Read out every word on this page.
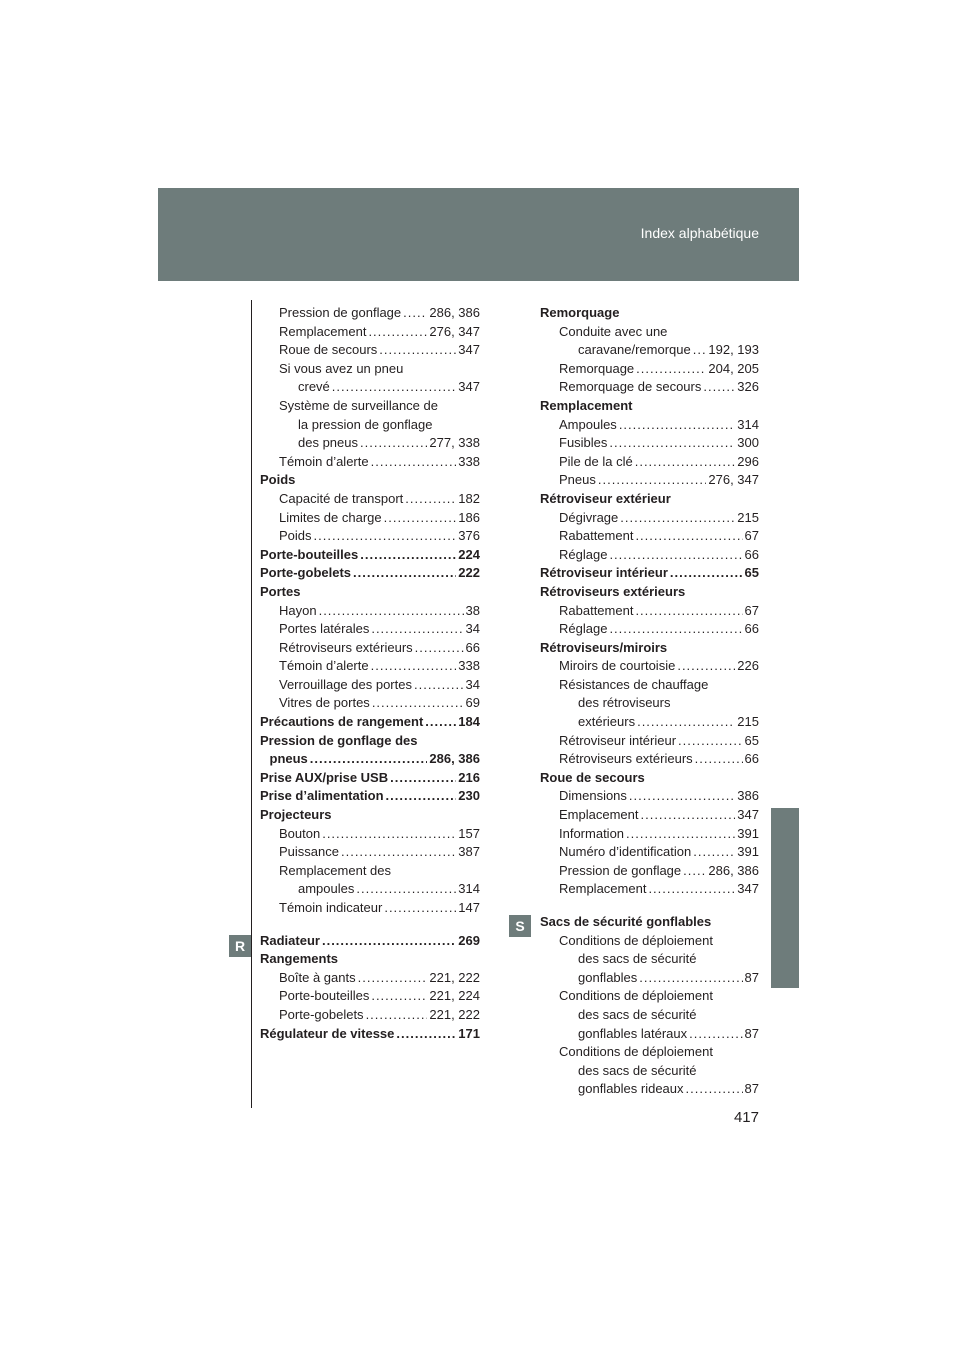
Index alphabétique
Pression de gonflage ..... 286, 386
Remplacement .....	276, 347
Roue de secours .....	347
Si vous avez un pneu
crevé .....	347
Système de surveillance de
la pression de gonflage
des pneus .....	277, 338
Témoin d’alerte .....	338
Poids
Capacité de transport .....	182
Limites de charge .....	186
Poids .....	376
Porte-bouteilles .....	224
Porte-gobelets .....	222
Portes
Hayon .....	38
Portes latérales .....	34
Rétroviseurs extérieurs .....	66
Témoin d’alerte .....	338
Verrouillage des portes .....	34
Vitres de portes .....	69
Précautions de rangement .....	184
Pression de gonflage des
pneus .....	286, 386
Prise AUX/prise USB .....	216
Prise d’alimentation .....	230
Projecteurs
Bouton .....	157
Puissance .....	387
Remplacement des
ampoules .....	314
Témoin indicateur .....	147
Radiateur .....	269
Rangements
Boîte à gants .....	221, 222
Porte-bouteilles .....	221, 224
Porte-gobelets .....	221, 222
Régulateur de vitesse .....	171
Remorquage
Conduite avec une
caravane/remorque ..... 192, 193
Remorquage .....	204, 205
Remorquage de secours .....	326
Remplacement
Ampoules .....	314
Fusibles .....	300
Pile de la clé .....	296
Pneus .....	276, 347
Rétroviseur extérieur
Dégivrage .....	215
Rabattement .....	67
Réglage .....	66
Rétroviseur intérieur .....	65
Rétroviseurs extérieurs
Rabattement .....	67
Réglage .....	66
Rétroviseurs/miroirs
Miroirs de courtoisie .....	226
Résistances de chauffage
des rétroviseurs
extérieurs .....	215
Rétroviseur intérieur .....	65
Rétroviseurs extérieurs .....	66
Roue de secours
Dimensions .....	386
Emplacement .....	347
Information .....	391
Numéro d’identification .....	391
Pression de gonflage ..... 286, 386
Remplacement .....	347
Sacs de sécurité gonflables
Conditions de déploiement
des sacs de sécurité
gonflables .....	87
Conditions de déploiement
des sacs de sécurité
gonflables latéraux .....	87
Conditions de déploiement
des sacs de sécurité
gonflables rideaux .....	87
R
S
417
